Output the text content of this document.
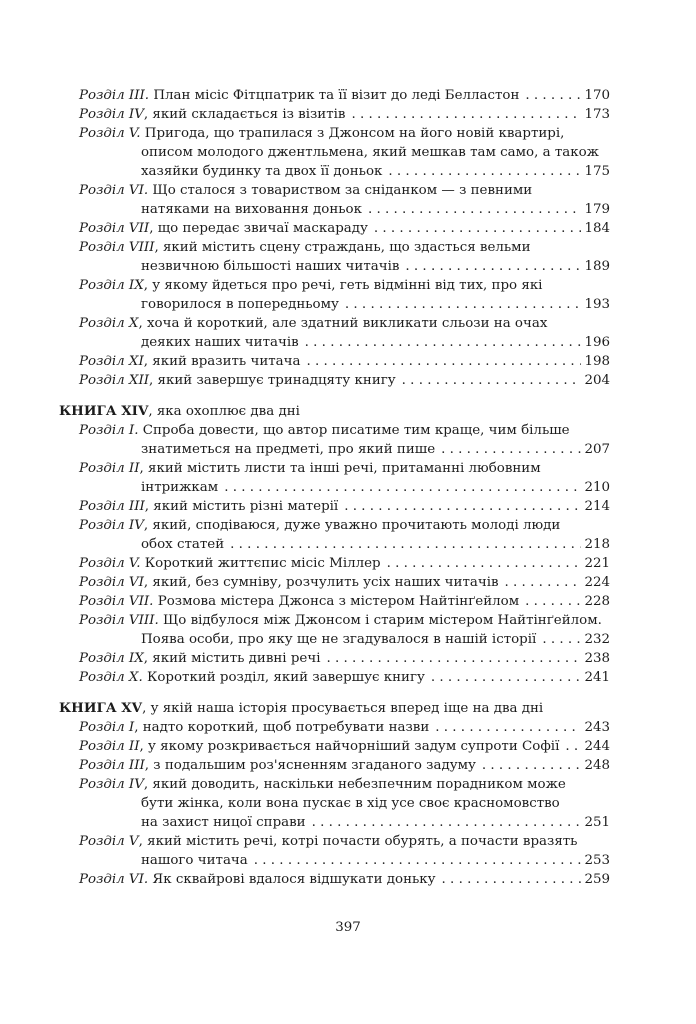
Розділ III. План місіс Фітцпатрик та її візит до леді Белластон . . .	170
Розділ IV, який складається із візитів . . .	173
Розділ V. Пригода, що трапилася з Джонсом на його новій квартирі,
описом молодого джентльмена, який мешкав там само, а також
хазяйки будинку та двох її доньок . . .	175
Розділ VI. Що сталося з товариством за сніданком — з певними
натяками на виховання доньок . . .	179
Розділ VII, що передає звичаї маскараду . . .	184
Розділ VIII, який містить сцену страждань, що здасться вельми
незвичною більшості наших читачів . . .	189
Розділ IX, у якому йдеться про речі, геть відмінні від тих, про які
говорилося в попередньому . . .	193
Розділ X, хоча й короткий, але здатний викликати сльози на очах
деяких наших читачів . . .	196
Розділ XI, який вразить читача . . .	198
Розділ XII, який завершує тринадцяту книгу . . .	204
КНИГА XIV, яка охоплює два дні
Розділ I. Спроба довести, що автор писатиме тим краще, чим більше
знатиметься на предметі, про який пише . . .	207
Розділ II, який містить листи та інші речі, притаманні любовним
інтрижкам . . .	210
Розділ III, який містить різні матерії . . .	214
Розділ IV, який, сподіваюся, дуже уважно прочитають молоді люди
обох статей . . .	218
Розділ V. Короткий життєпис місіс Міллер . . .	221
Розділ VI, який, без сумніву, розчулить усіх наших читачів . . .	224
Розділ VII. Розмова містера Джонса з містером Найтінґейлом . . .	228
Розділ VIII. Що відбулося між Джонсом і старим містером Найтінґейлом.
Поява особи, про яку ще не згадувалося в нашій історії . . .	232
Розділ IX, який містить дивні речі . . .	238
Розділ X. Короткий розділ, який завершує книгу . . .	241
КНИГА XV, у якій наша історія просувається вперед іще на два дні
Розділ I, надто короткий, щоб потребувати назви . . .	243
Розділ II, у якому розкривається найчорніший задум супроти Софії . . . 244
Розділ III, з подальшим роз'ясненням згаданого задуму . . .	248
Розділ IV, який доводить, наскільки небезпечним порадником може
бути жінка, коли вона пускає в хід усе своє красномовство
на захист ницої справи . . .	251
Розділ V, який містить речі, котрі почасти обурять, а почасти вразять
нашого читача . . .	253
Розділ VI. Як сквайрові вдалося відшукати доньку . . .	259
397
